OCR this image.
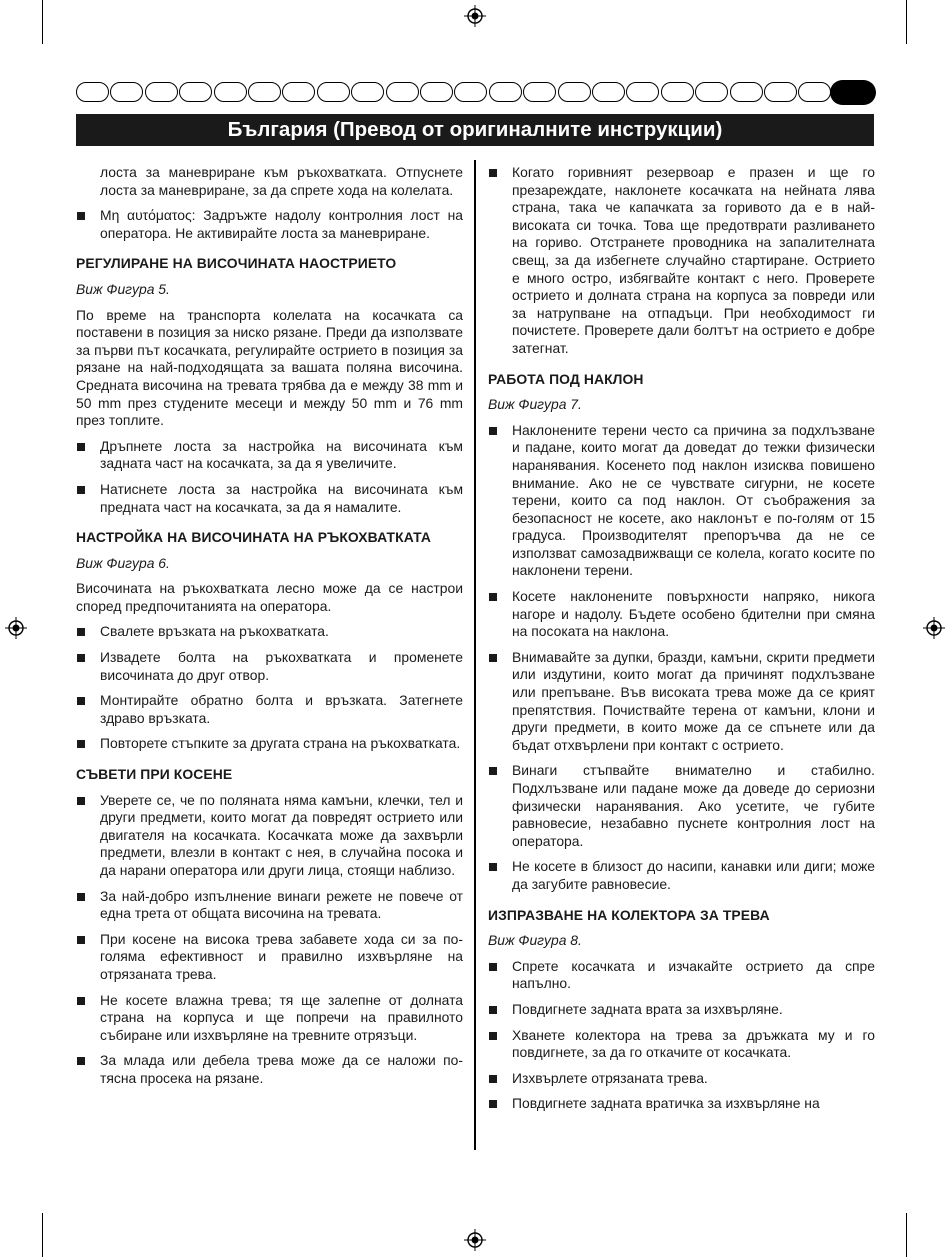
България (Превод от оригиналните инструкции)

лоста за маневриране към ръкохватката. Отпуснете лоста за маневриране, за да спрете хода на колелата.

Μη αυτόματος: Задръжте надолу контролния лост на оператора. Не активирайте лоста за маневриране.
РЕГУЛИРАНЕ НА ВИСОЧИНАТА НАОСТРИЕТО

Виж Фигура 5.

По време на транспорта колелата на косачката са поставени в позиция за ниско рязане. Преди да използвате за първи път косачката, регулирайте острието в позиция за рязане на най-подходящата за вашата поляна височина. Средната височина на тревата трябва да е между 38 mm и 50 mm през студените месеци и между 50 mm и 76 mm през топлите.

Дръпнете лоста за настройка на височината към задната част на косачката, за да я увеличите.
Натиснете лоста за настройка на височината към предната част на косачката, за да я намалите.
НАСТРОЙКА НА ВИСОЧИНАТА НА РЪКОХВАТКАТА

Виж Фигура 6.

Височината на ръкохватката лесно може да се настрои според предпочитанията на оператора.

Свалете връзката на ръкохватката.
Извадете болта на ръкохватката и променете височината до друг отвор.
Монтирайте обратно болта и връзката. Затегнете здраво връзката.
Повторете стъпките за другата страна на ръкохватката.
СЪВЕТИ ПРИ КОСЕНЕ
Уверете се, че по поляната няма камъни, клечки, тел и други предмети, които могат да повредят острието или двигателя на косачката. Косачката може да захвърли предмети, влезли в контакт с нея, в случайна посока и да нарани оператора или други лица, стоящи наблизо.
За най-добро изпълнение винаги режете не повече от една трета от общата височина на тревата.
При косене на висока трева забавете хода си за по-голяма ефективност и правилно изхвърляне на отрязаната трева.
Не косете влажна трева; тя ще залепне от долната страна на корпуса и ще попречи на правилното събиране или изхвърляне на тревните отрязъци.
За млада или дебела трева може да се наложи по-тясна просека на рязане.
Когато горивният резервоар е празен и ще го презареждате, наклонете косачката на нейната лява страна, така че капачката за горивото да е в най-високата си точка. Това ще предотврати разливането на гориво. Отстранете проводника на запалителната свещ, за да избегнете случайно стартиране. Острието е много остро, избягвайте контакт с него. Проверете острието и долната страна на корпуса за повреди или за натрупване на отпадъци. При необходимост ги почистете. Проверете дали болтът на острието е добре затегнат.
РАБОТА ПОД НАКЛОН

Виж Фигура 7.

Наклонените терени често са причина за подхлъзване и падане, които могат да доведат до тежки физически наранявания. Косенето под наклон изисква повишено внимание. Ако не се чувствате сигурни, не косете терени, които са под наклон. От съображения за безопасност не косете, ако наклонът е по-голям от 15 градуса. Производителят препоръчва да не се използват самозадвижващи се колела, когато косите по наклонени терени.
Косете наклонените повърхности напряко, никога нагоре и надолу. Бъдете особено бдителни при смяна на посоката на наклона.
Внимавайте за дупки, бразди, камъни, скрити предмети или издутини, които могат да причинят подхлъзване или препъване. Във високата трева може да се крият препятствия. Почиствайте терена от камъни, клони и други предмети, в които може да се спънете или да бъдат отхвърлени при контакт с острието.
Винаги стъпвайте внимателно и стабилно. Подхлъзване или падане може да доведе до сериозни физически наранявания. Ако усетите, че губите равновесие, незабавно пуснете контролния лост на оператора.
Не косете в близост до насипи, канавки или диги; може да загубите равновесие.
ИЗПРАЗВАНЕ НА КОЛЕКТОРА ЗА ТРЕВА

Виж Фигура 8.

Спрете косачката и изчакайте острието да спре напълно.
Повдигнете задната врата за изхвърляне.
Хванете колектора на трева за дръжката му и го повдигнете, за да го откачите от косачката.
Изхвърлете отрязаната трева.
Повдигнете задната вратичка за изхвърляне на
